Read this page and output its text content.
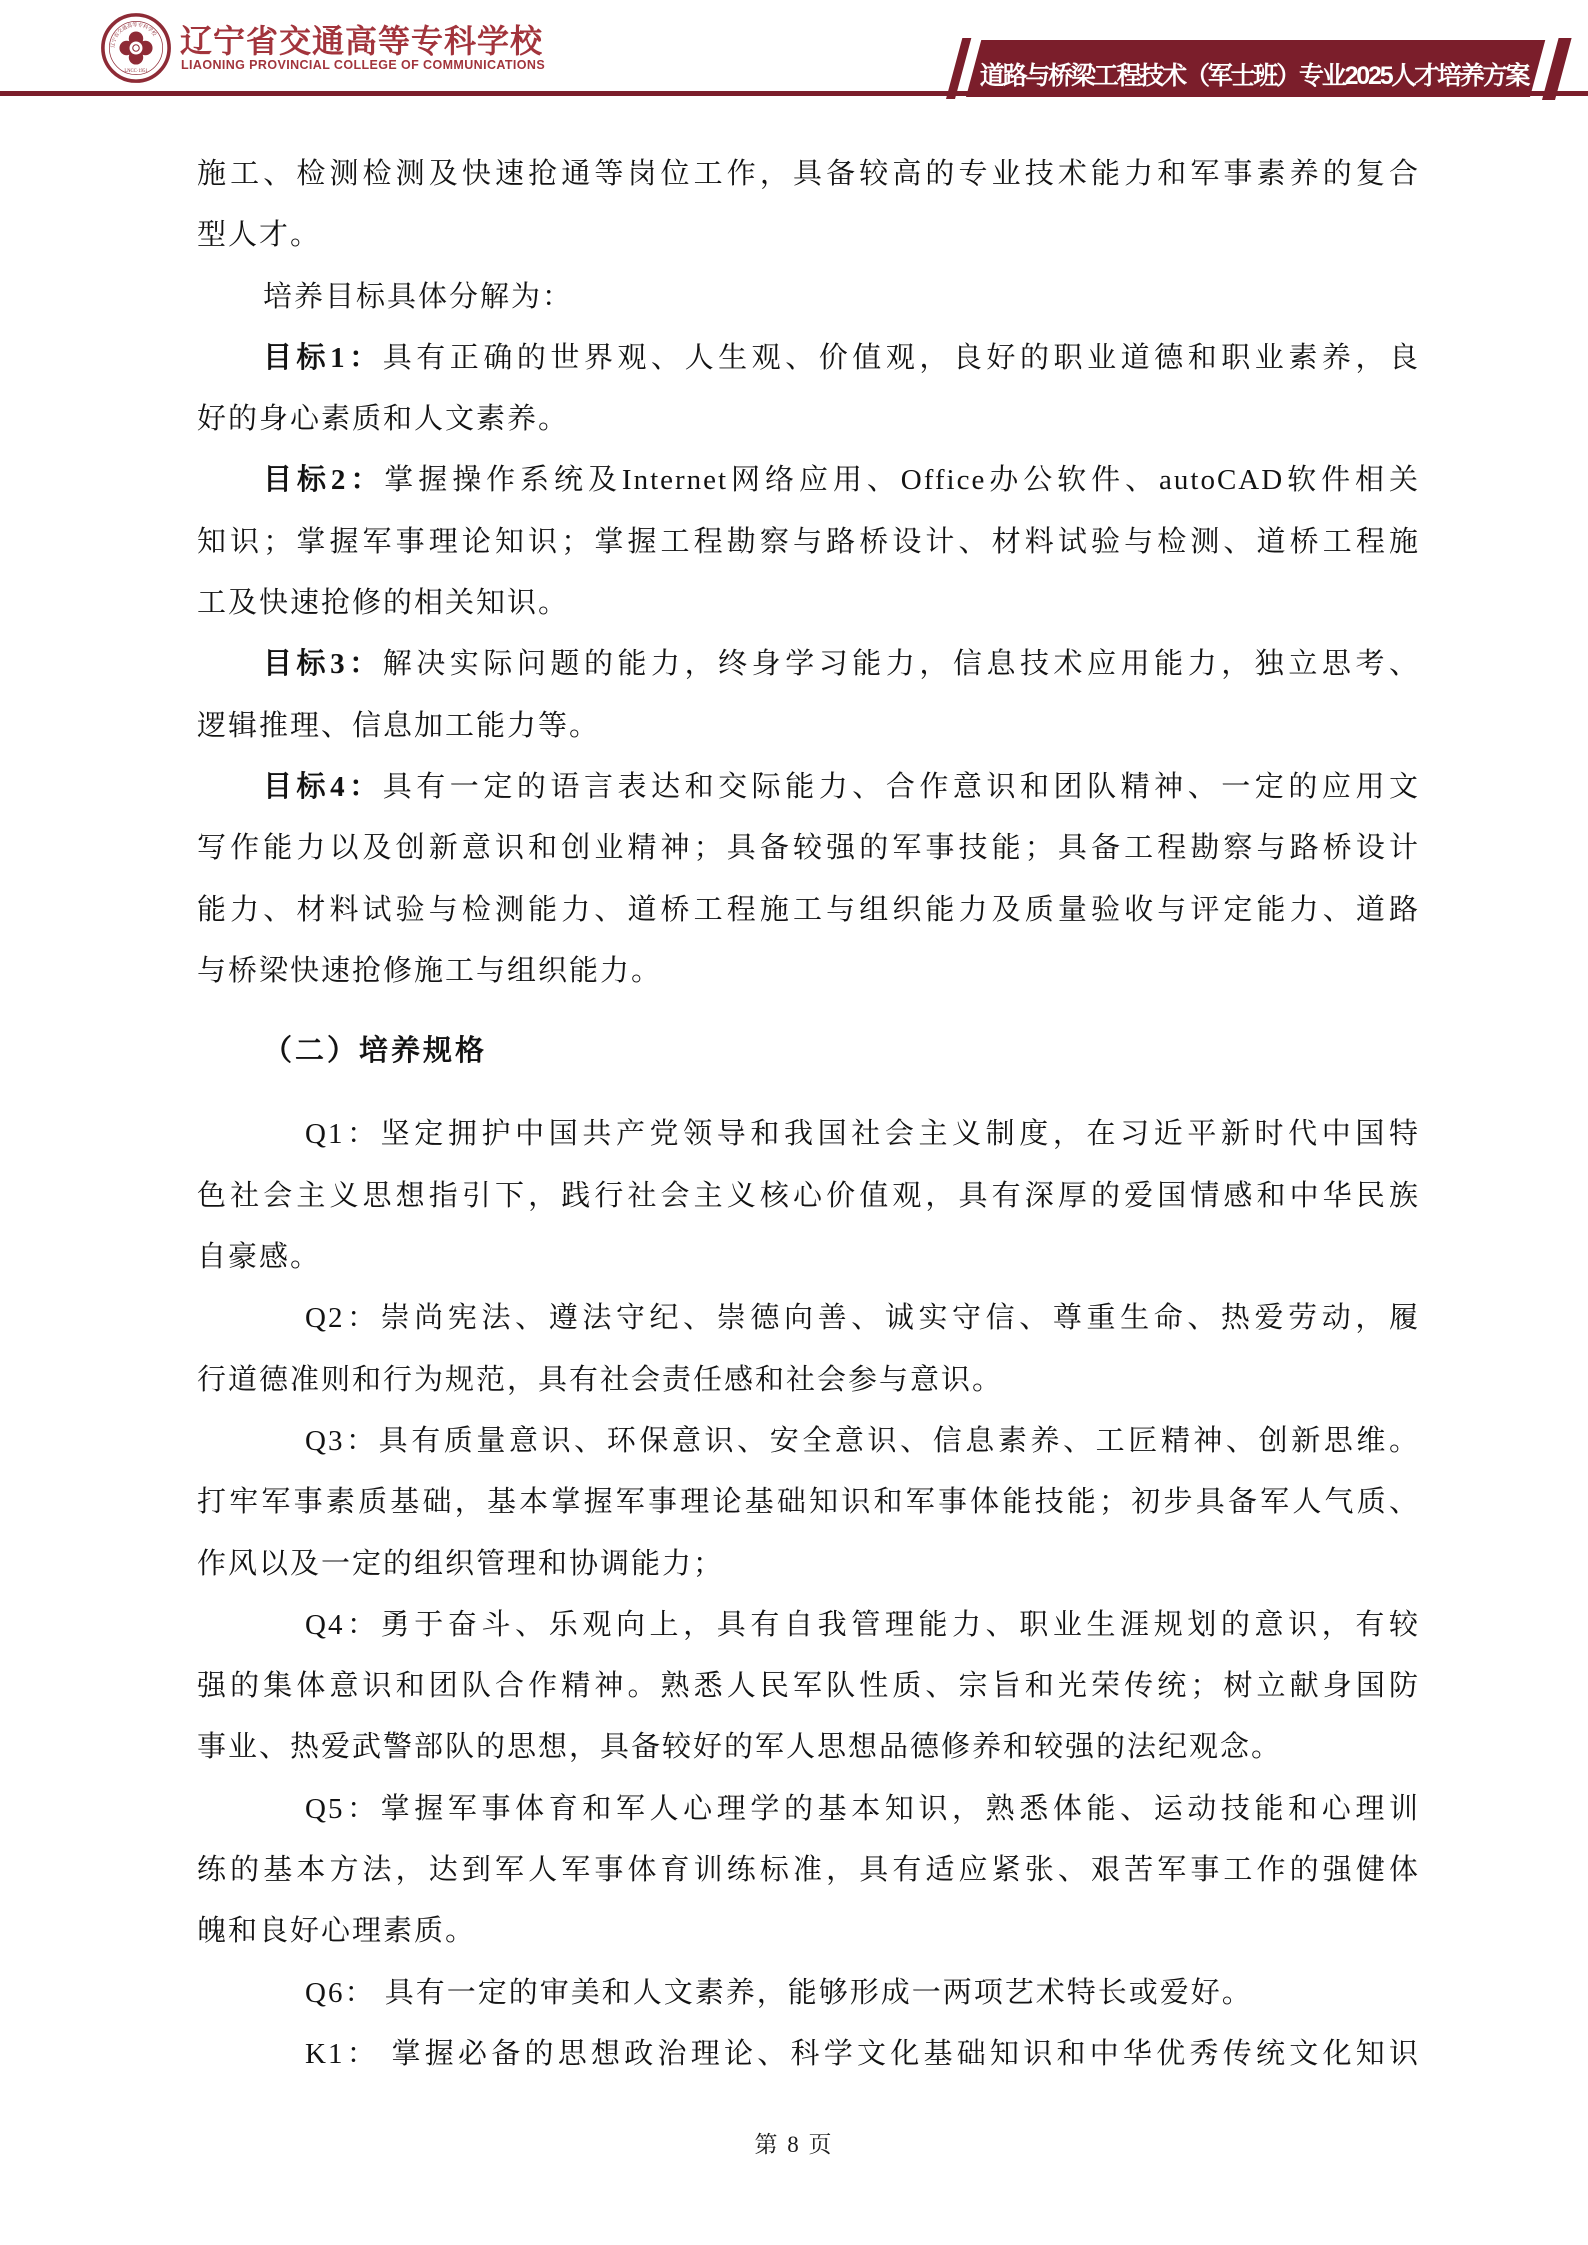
辽宁省交通高等专科学校
LNCC·1951
辽宁省交通高等专科学校
LIAONING PROVINCIAL COLLEGE OF COMMUNICATIONS	道路与桥梁工程技术（军士班）专业2025人才培养方案
施工、检测检测及快速抢通等岗位工作，具备较高的专业技术能力和军事素养的复合
型人才。
培养目标具体分解为：
目标1：具有正确的世界观、人生观、价值观，良好的职业道德和职业素养，良
好的身心素质和人文素养。
目标2：掌握操作系统及Internet网络应用、Office办公软件、autoCAD软件相关
知识；掌握军事理论知识；掌握工程勘察与路桥设计、材料试验与检测、道桥工程施
工及快速抢修的相关知识。
目标3：解决实际问题的能力，终身学习能力，信息技术应用能力，独立思考、
逻辑推理、信息加工能力等。
目标4：具有一定的语言表达和交际能力、合作意识和团队精神、一定的应用文
写作能力以及创新意识和创业精神；具备较强的军事技能；具备工程勘察与路桥设计
能力、材料试验与检测能力、道桥工程施工与组织能力及质量验收与评定能力、道路
与桥梁快速抢修施工与组织能力。
（二）培养规格
Q1：坚定拥护中国共产党领导和我国社会主义制度，在习近平新时代中国特
色社会主义思想指引下，践行社会主义核心价值观，具有深厚的爱国情感和中华民族
自豪感。
Q2：崇尚宪法、遵法守纪、崇德向善、诚实守信、尊重生命、热爱劳动，履
行道德准则和行为规范，具有社会责任感和社会参与意识。
Q3：具有质量意识、环保意识、安全意识、信息素养、工匠精神、创新思维。
打牢军事素质基础，基本掌握军事理论基础知识和军事体能技能；初步具备军人气质、
作风以及一定的组织管理和协调能力；
Q4：勇于奋斗、乐观向上，具有自我管理能力、职业生涯规划的意识，有较
强的集体意识和团队合作精神。熟悉人民军队性质、宗旨和光荣传统；树立献身国防
事业、热爱武警部队的思想，具备较好的军人思想品德修养和较强的法纪观念。
Q5：掌握军事体育和军人心理学的基本知识，熟悉体能、运动技能和心理训
练的基本方法，达到军人军事体育训练标准，具有适应紧张、艰苦军事工作的强健体
魄和良好心理素质。
Q6： 具有一定的审美和人文素养，能够形成一两项艺术特长或爱好。
K1： 掌握必备的思想政治理论、科学文化基础知识和中华优秀传统文化知识
第 8 页
